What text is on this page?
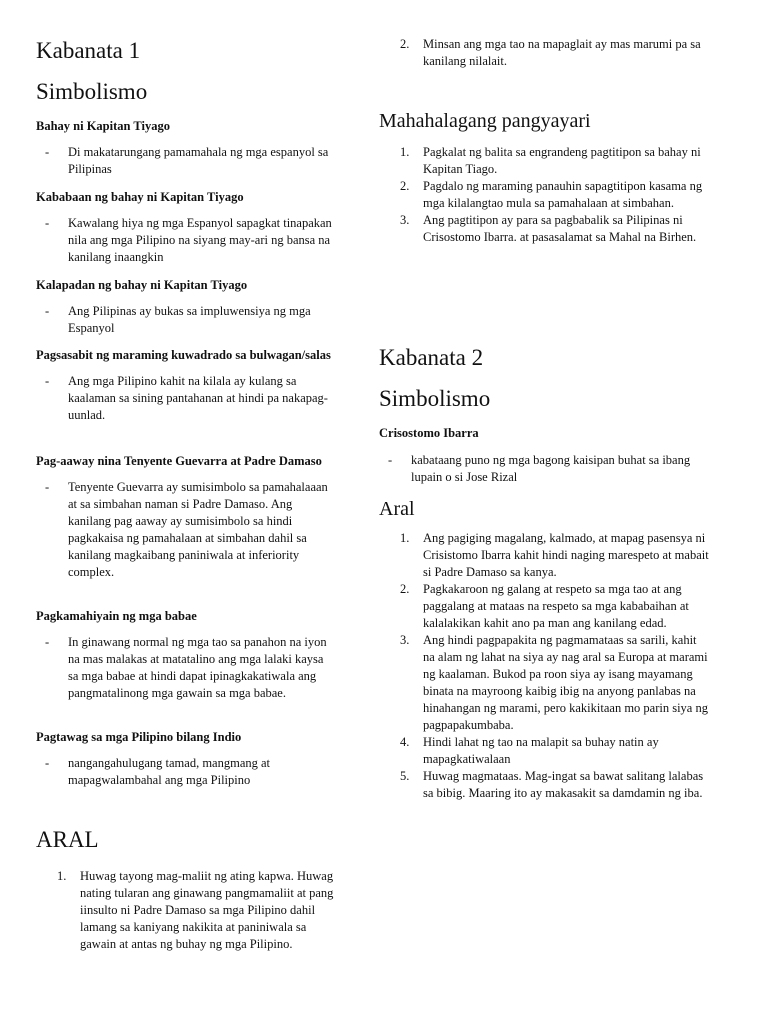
Kabanata 1
Simbolismo

Bahay ni Kapitan Tiyago

- Di makatarungang pamamahala ng mga espanyol sa Pilipinas

Kababaan ng bahay ni Kapitan Tiyago

- Kawalang hiya ng mga Espanyol sapagkat tinapakan nila ang mga Pilipino na siyang may-ari ng bansa na kanilang inaangkin

Kalapadan ng bahay ni Kapitan Tiyago

- Ang Pilipinas ay bukas sa impluwensiya ng mga Espanyol

Pagsasabit ng maraming kuwadrado sa bulwagan/salas

- Ang mga Pilipino kahit na kilala ay kulang sa kaalaman sa sining pantahanan at hindi pa nakapag-uunlad.

Pag-aaway nina Tenyente Guevarra at Padre Damaso

- Tenyente Guevarra ay sumisimbolo sa pamahalaaan at sa simbahan naman si Padre Damaso. Ang kanilang pag aaway ay sumisimbolo sa hindi pagkakaisa ng pamahalaan at simbahan dahil sa kanilang magkaibang paniniwala at inferiority complex.

Pagkamahiyain ng mga babae

- In ginawang normal ng mga tao sa panahon na iyon na mas malakas at matatalino ang mga lalaki kaysa sa mga babae at hindi dapat ipinagkakatiwala ang pangmatalinong mga gawain sa mga babae.

Pagtawag sa mga Pilipino bilang Indio

- nangangahulugang tamad, mangmang at mapagwalambahal ang mga Pilipino
ARAL
1. Huwag tayong mag-maliit ng ating kapwa. Huwag nating tularan ang ginawang pangmamaliit at pang iinsulto ni Padre Damaso sa mga Pilipino dahil lamang sa kaniyang nakikita at paniniwala sa gawain at antas ng buhay ng mga Pilipino.
2. Minsan ang mga tao na mapaglait ay mas marumi pa sa kanilang nilalait.
Mahahalagang pangyayari
1. Pagkalat ng balita sa engrandeng pagtitipon sa bahay ni Kapitan Tiago.
2. Pagdalo ng maraming panauhin sapagtitipon kasama ng mga kilalangtao mula sa pamahalaan at simbahan.
3. Ang pagtitipon ay para sa pagbabalik sa Pilipinas ni Crisostomo Ibarra. at pasasalamat sa Mahal na Birhen.
Kabanata 2
Simbolismo

Crisostomo Ibarra

- kabataang puno ng mga bagong kaisipan buhat sa ibang lupain o si Jose Rizal
Aral
1. Ang pagiging magalang, kalmado, at mapag pasensya ni Crisistomo Ibarra kahit hindi naging marespeto at mabait si Padre Damaso sa kanya.
2. Pagkakaroon ng galang at respeto sa mga tao at ang paggalang at mataas na respeto sa mga kababaihan at kalalakikan kahit ano pa man ang kanilang edad.
3. Ang hindi pagpapakita ng pagmamataas sa sarili, kahit na alam ng lahat na siya ay nag aral sa Europa at marami ng kaalaman. Bukod pa roon siya ay isang mayamang binata na mayroong kaibig ibig na anyong panlabas na hinahangan ng marami, pero kakikitaan mo parin siya ng pagpapakumbaba.
4. Hindi lahat ng tao na malapit sa buhay natin ay mapagkatiwalaan
5. Huwag magmataas. Mag-ingat sa bawat salitang lalabas sa bibig. Maaring ito ay makasakit sa damdamin ng iba.
